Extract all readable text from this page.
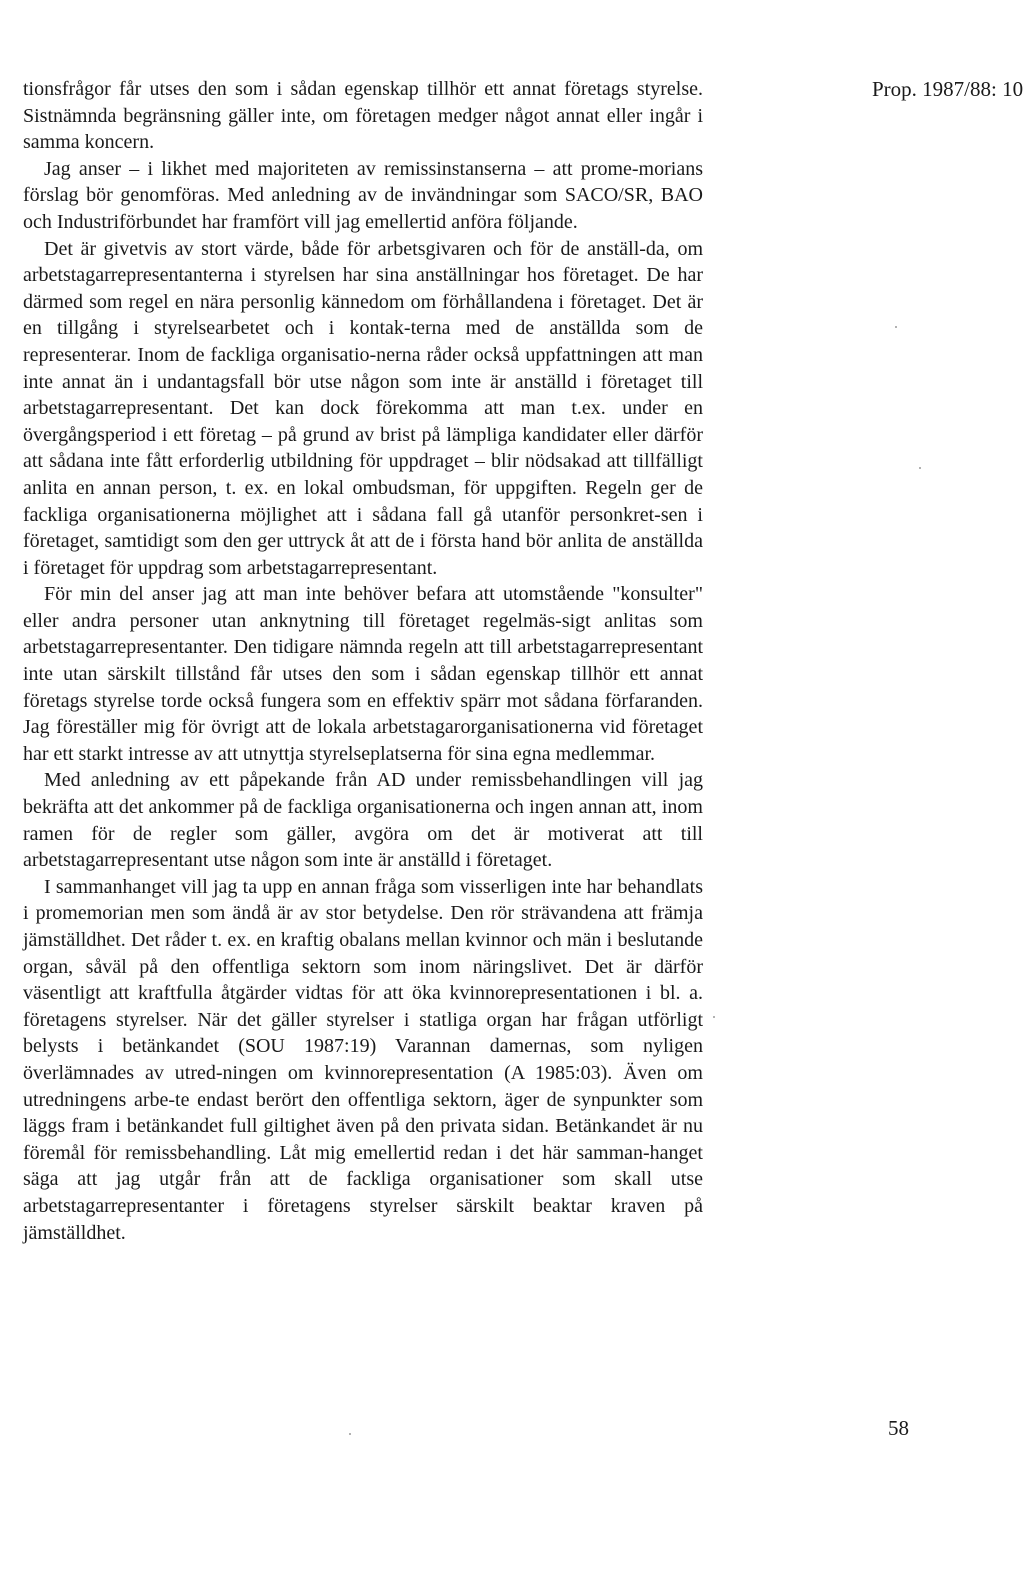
Prop. 1987/88: 10

tionsfrågor får utses den som i sådan egenskap tillhör ett annat företags styrelse. Sistnämnda begränsning gäller inte, om företagen medger något annat eller ingår i samma koncern.

Jag anser – i likhet med majoriteten av remissinstanserna – att prome-morians förslag bör genomföras. Med anledning av de invändningar som SACO/SR, BAO och Industriförbundet har framfört vill jag emellertid anföra följande.

Det är givetvis av stort värde, både för arbetsgivaren och för de anställ-da, om arbetstagarrepresentanterna i styrelsen har sina anställningar hos företaget. De har därmed som regel en nära personlig kännedom om förhållandena i företaget. Det är en tillgång i styrelsearbetet och i kontak-terna med de anställda som de representerar. Inom de fackliga organisatio-nerna råder också uppfattningen att man inte annat än i undantagsfall bör utse någon som inte är anställd i företaget till arbetstagarrepresentant. Det kan dock förekomma att man t.ex. under en övergångsperiod i ett företag – på grund av brist på lämpliga kandidater eller därför att sådana inte fått erforderlig utbildning för uppdraget – blir nödsakad att tillfälligt anlita en annan person, t. ex. en lokal ombudsman, för uppgiften. Regeln ger de fackliga organisationerna möjlighet att i sådana fall gå utanför personkret-sen i företaget, samtidigt som den ger uttryck åt att de i första hand bör anlita de anställda i företaget för uppdrag som arbetstagarrepresentant.

För min del anser jag att man inte behöver befara att utomstående "konsulter" eller andra personer utan anknytning till företaget regelmäs-sigt anlitas som arbetstagarrepresentanter. Den tidigare nämnda regeln att till arbetstagarrepresentant inte utan särskilt tillstånd får utses den som i sådan egenskap tillhör ett annat företags styrelse torde också fungera som en effektiv spärr mot sådana förfaranden. Jag föreställer mig för övrigt att de lokala arbetstagarorganisationerna vid företaget har ett starkt intresse av att utnyttja styrelseplatserna för sina egna medlemmar.

Med anledning av ett påpekande från AD under remissbehandlingen vill jag bekräfta att det ankommer på de fackliga organisationerna och ingen annan att, inom ramen för de regler som gäller, avgöra om det är motiverat att till arbetstagarrepresentant utse någon som inte är anställd i företaget.

I sammanhanget vill jag ta upp en annan fråga som visserligen inte har behandlats i promemorian men som ändå är av stor betydelse. Den rör strävandena att främja jämställdhet. Det råder t. ex. en kraftig obalans mellan kvinnor och män i beslutande organ, såväl på den offentliga sektorn som inom näringslivet. Det är därför väsentligt att kraftfulla åtgärder vidtas för att öka kvinnorepresentationen i bl. a. företagens styrelser. När det gäller styrelser i statliga organ har frågan utförligt belysts i betänkandet (SOU 1987:19) Varannan damernas, som nyligen överlämnades av utred-ningen om kvinnorepresentation (A 1985:03). Även om utredningens arbe-te endast berört den offentliga sektorn, äger de synpunkter som läggs fram i betänkandet full giltighet även på den privata sidan. Betänkandet är nu föremål för remissbehandling. Låt mig emellertid redan i det här samman-hanget säga att jag utgår från att de fackliga organisationer som skall utse arbetstagarrepresentanter i företagens styrelser särskilt beaktar kraven på jämställdhet.

58
